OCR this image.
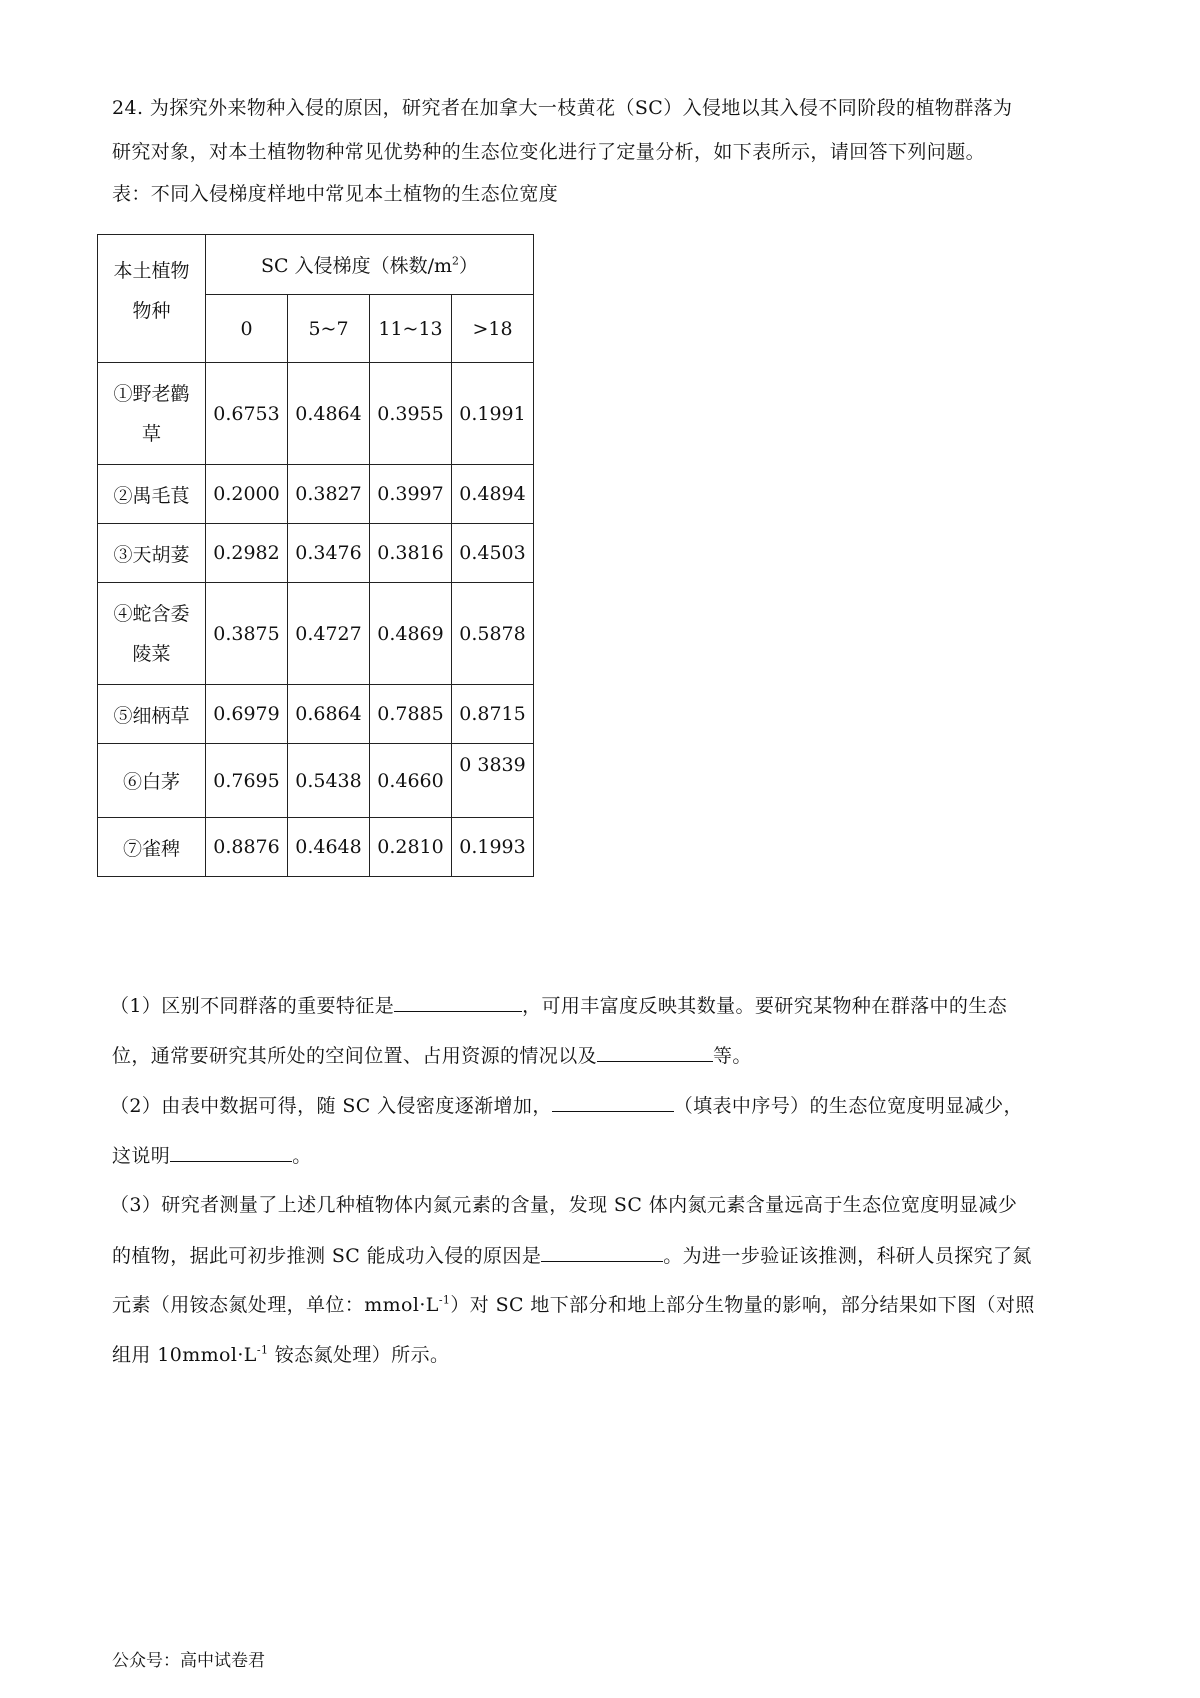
24. 为探究外来物种入侵的原因，研究者在加拿大一枝黄花（SC）入侵地以其入侵不同阶段的植物群落为
研究对象，对本土植物物种常见优势种的生态位变化进行了定量分析，如下表所示，请回答下列问题。
表：不同入侵梯度样地中常见本土植物的生态位宽度
本土植物
物种	SC 入侵梯度（株数$/m^2$）			
	0	5~7	11~13	>18

①野老鹳
草	0.6753	0.4864	0.3955	0.1991
②禺毛茛	0.2000	0.3827	0.3997	0.4894
③天胡荽	0.2982	0.3476	0.3816	0.4503

④蛇含委
陵菜	0.3875	0.4727	0.4869	0.5878
⑤细柄草	0.6979	0.6864	0.7885	0.8715
⑥白茅	0.7695	0.5438	0.4660	0 3839
⑦雀稗	0.8876	0.4648	0.2810	0.1993
（1）区别不同群落的重要特征是	，可用丰富度反映其数量。要研究某物种在群落中的生态
位，通常要研究其所处的空间位置、占用资源的情况以及	等。
（2）由表中数据可得，随 SC 入侵密度逐渐增加，	（填表中序号）的生态位宽度明显减少，
这说明	。
（3）研究者测量了上述几种植物体内氮元素的含量，发现 SC 体内氮元素含量远高于生态位宽度明显减少
的植物，据此可初步推测 SC 能成功入侵的原因是	。为进一步验证该推测，科研人员探究了氮
元素（用铵态氮处理，单位：$mmol\cdot L^{-1}$）对 SC 地下部分和地上部分生物量的影响，部分结果如下图（对照
组用 $10mmol\cdot L^{-1}$ 铵态氮处理）所示。
公众号：高中试卷君
